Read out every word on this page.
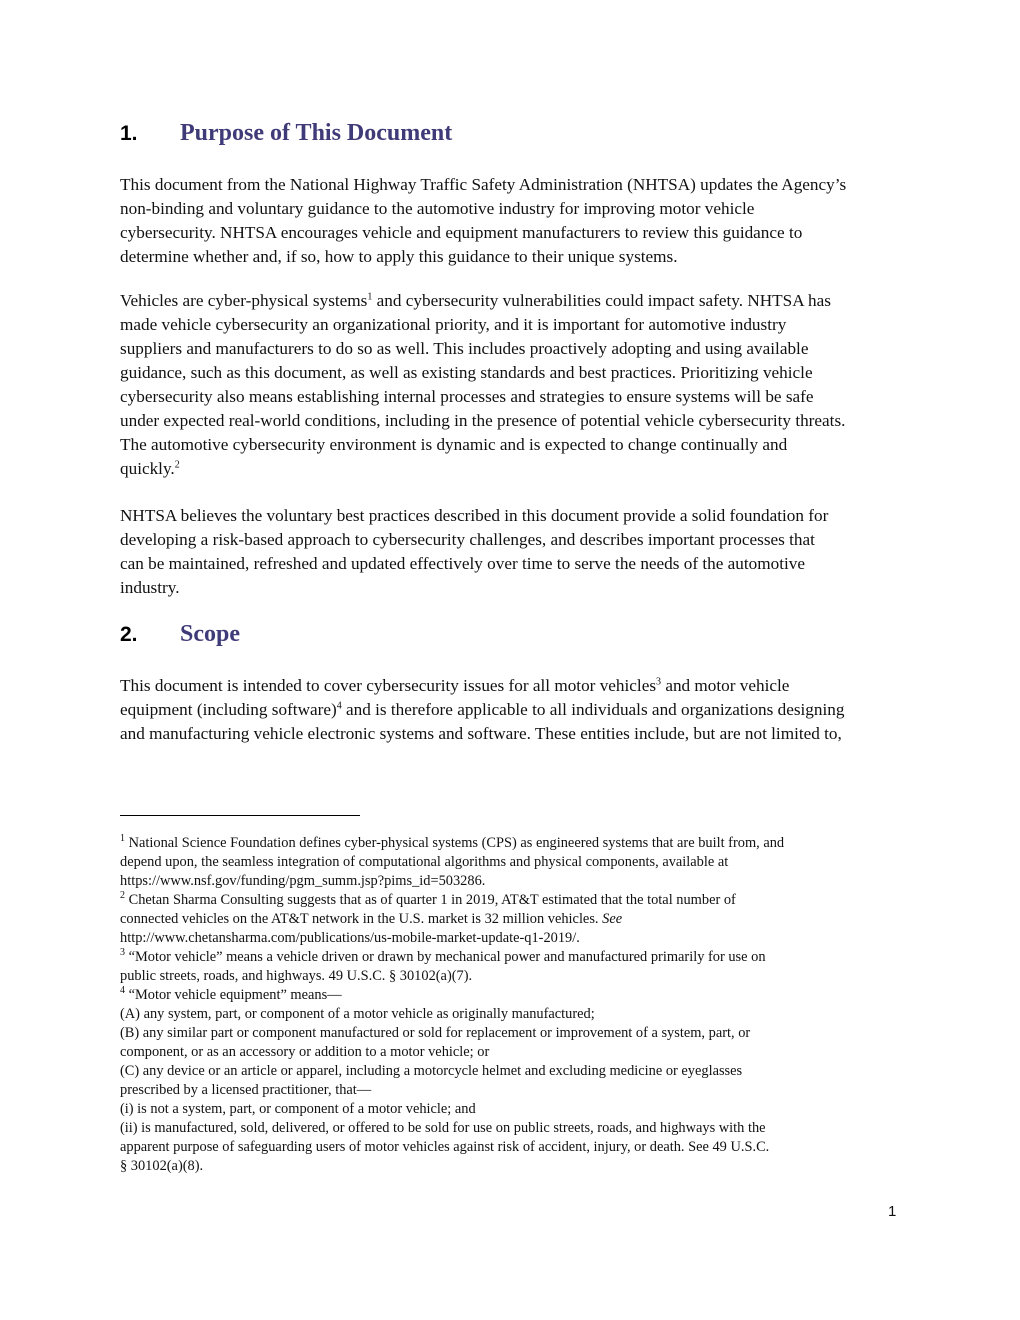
1.	Purpose of This Document

This document from the National Highway Traffic Safety Administration (NHTSA) updates the Agency’s
non-binding and voluntary guidance to the automotive industry for improving motor vehicle
cybersecurity. NHTSA encourages vehicle and equipment manufacturers to review this guidance to
determine whether and, if so, how to apply this guidance to their unique systems.

Vehicles are cyber-physical systems$^1$ and cybersecurity vulnerabilities could impact safety. NHTSA has
made vehicle cybersecurity an organizational priority, and it is important for automotive industry
suppliers and manufacturers to do so as well. This includes proactively adopting and using available
guidance, such as this document, as well as existing standards and best practices. Prioritizing vehicle
cybersecurity also means establishing internal processes and strategies to ensure systems will be safe
under expected real-world conditions, including in the presence of potential vehicle cybersecurity threats.
The automotive cybersecurity environment is dynamic and is expected to change continually and
quickly.$^2$

NHTSA believes the voluntary best practices described in this document provide a solid foundation for
developing a risk-based approach to cybersecurity challenges, and describes important processes that
can be maintained, refreshed and updated effectively over time to serve the needs of the automotive
industry.

2.	Scope

This document is intended to cover cybersecurity issues for all motor vehicles$^3$ and motor vehicle
equipment (including software)$^4$ and is therefore applicable to all individuals and organizations designing
and manufacturing vehicle electronic systems and software. These entities include, but are not limited to,

$^1$ National Science Foundation defines cyber-physical systems (CPS) as engineered systems that are built from, and
depend upon, the seamless integration of computational algorithms and physical components, available at
https://www.nsf.gov/funding/pgm_summ.jsp?pims_id=503286.
$^2$ Chetan Sharma Consulting suggests that as of quarter 1 in 2019, AT&T estimated that the total number of
connected vehicles on the AT&T network in the U.S. market is 32 million vehicles. See
http://www.chetansharma.com/publications/us-mobile-market-update-q1-2019/.
$^3$ “Motor vehicle” means a vehicle driven or drawn by mechanical power and manufactured primarily for use on
public streets, roads, and highways. 49 U.S.C. § 30102(a)(7).
$^4$ “Motor vehicle equipment” means—
(A) any system, part, or component of a motor vehicle as originally manufactured;
(B) any similar part or component manufactured or sold for replacement or improvement of a system, part, or
component, or as an accessory or addition to a motor vehicle; or
(C) any device or an article or apparel, including a motorcycle helmet and excluding medicine or eyeglasses
prescribed by a licensed practitioner, that—
(i) is not a system, part, or component of a motor vehicle; and
(ii) is manufactured, sold, delivered, or offered to be sold for use on public streets, roads, and highways with the
apparent purpose of safeguarding users of motor vehicles against risk of accident, injury, or death. See 49 U.S.C.
§ 30102(a)(8).
1
